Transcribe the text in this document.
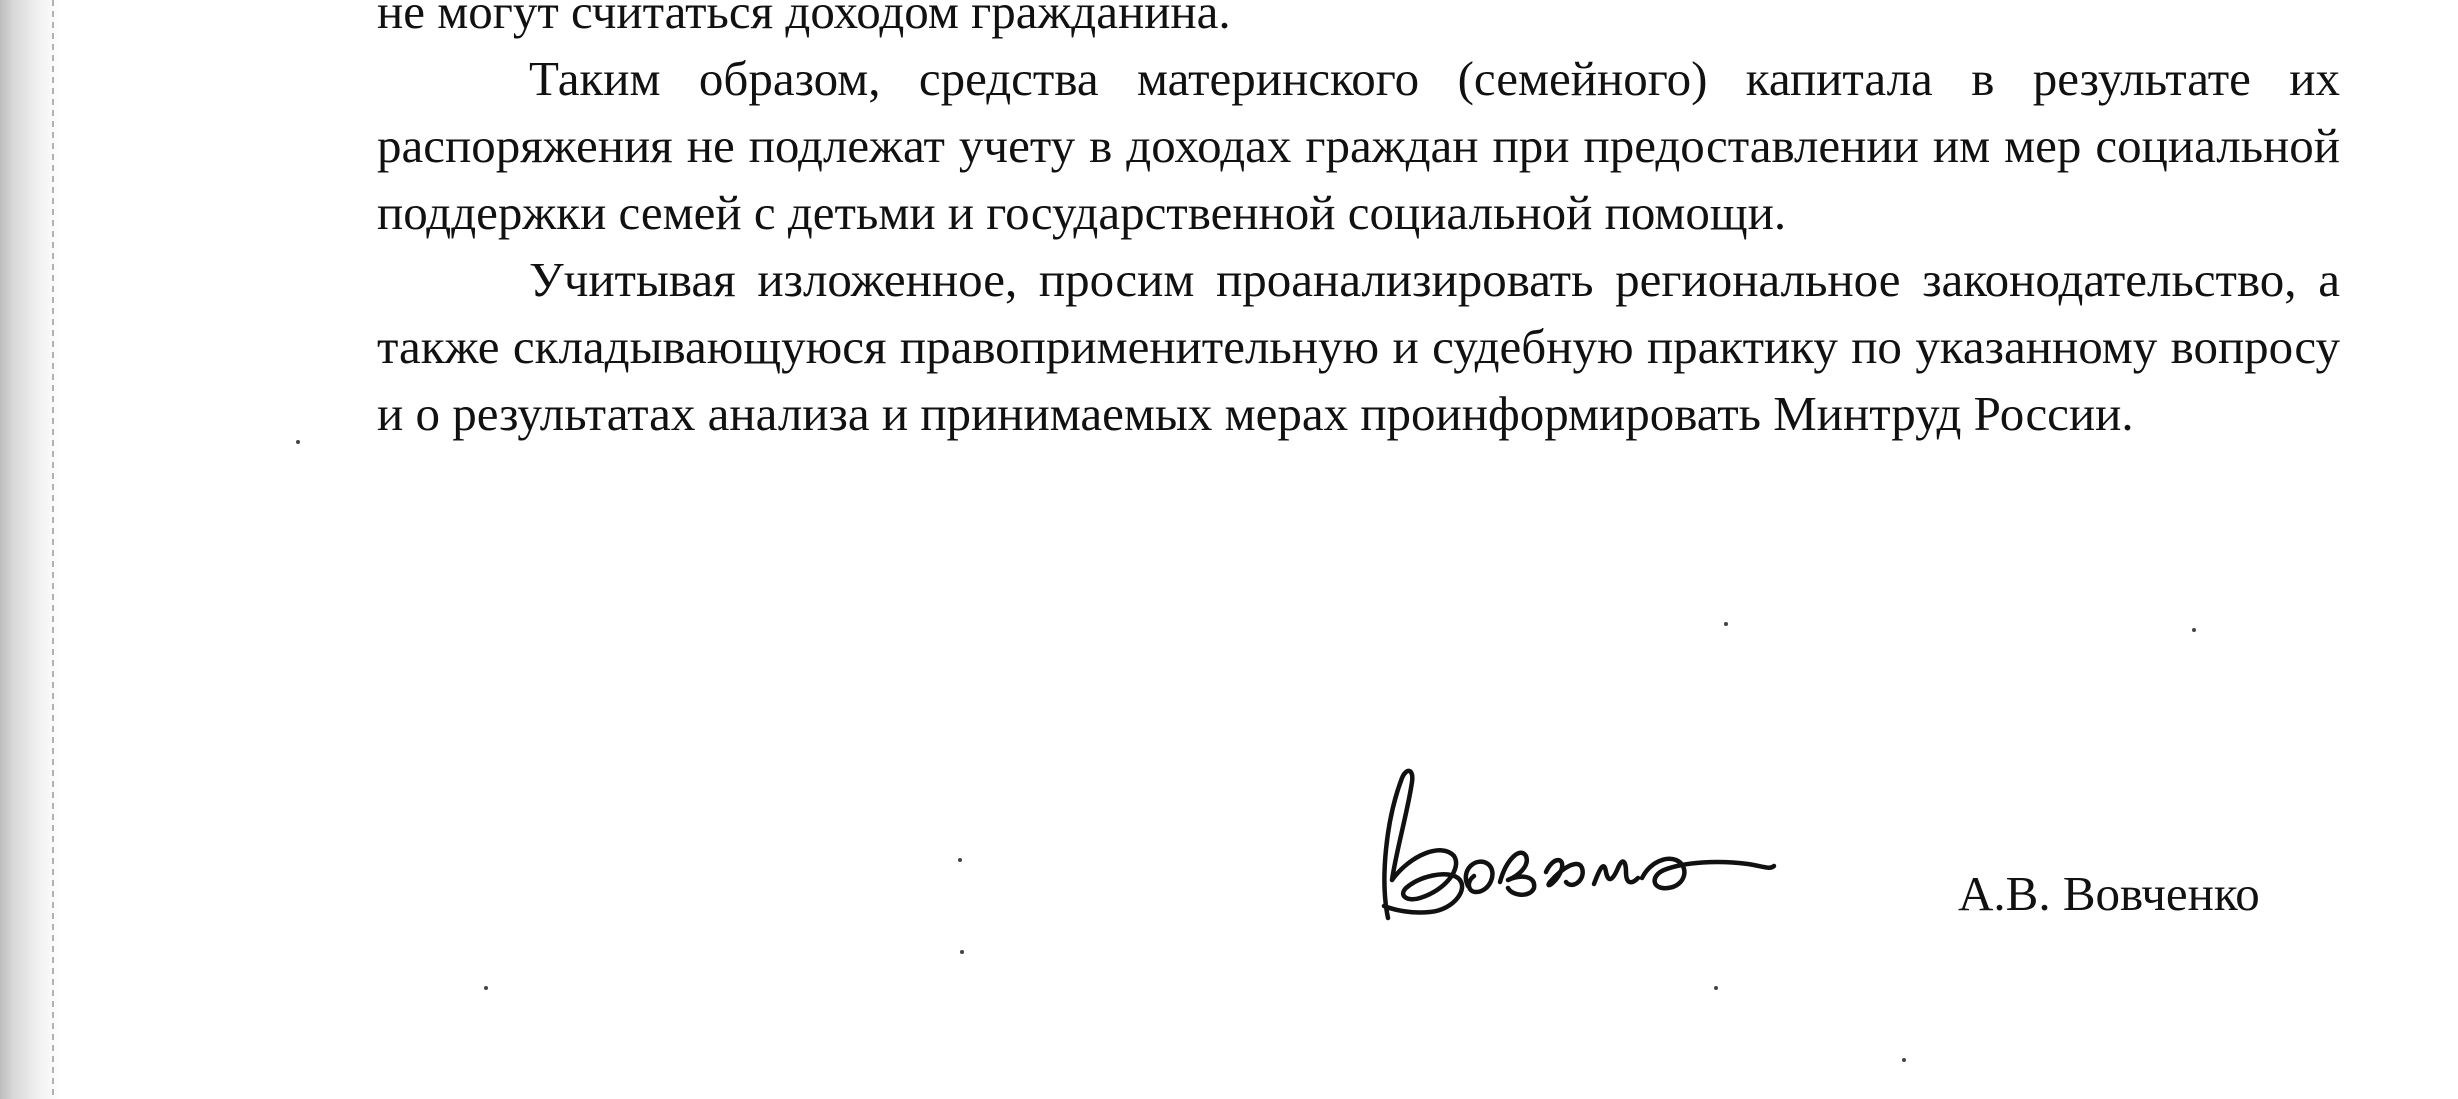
не могут считаться доходом гражданина.

Таким образом, средства материнского (семейного) капитала в результате их распоряжения не подлежат учету в доходах граждан при предоставлении им мер социальной поддержки семей с детьми и государственной социальной помощи.

Учитывая изложенное, просим проанализировать региональное законодательство, а также складывающуюся правоприменительную и судебную практику по указанному вопросу и о результатах анализа и принимаемых мерах проинформировать Минтруд России.

А.В. Вовченко
